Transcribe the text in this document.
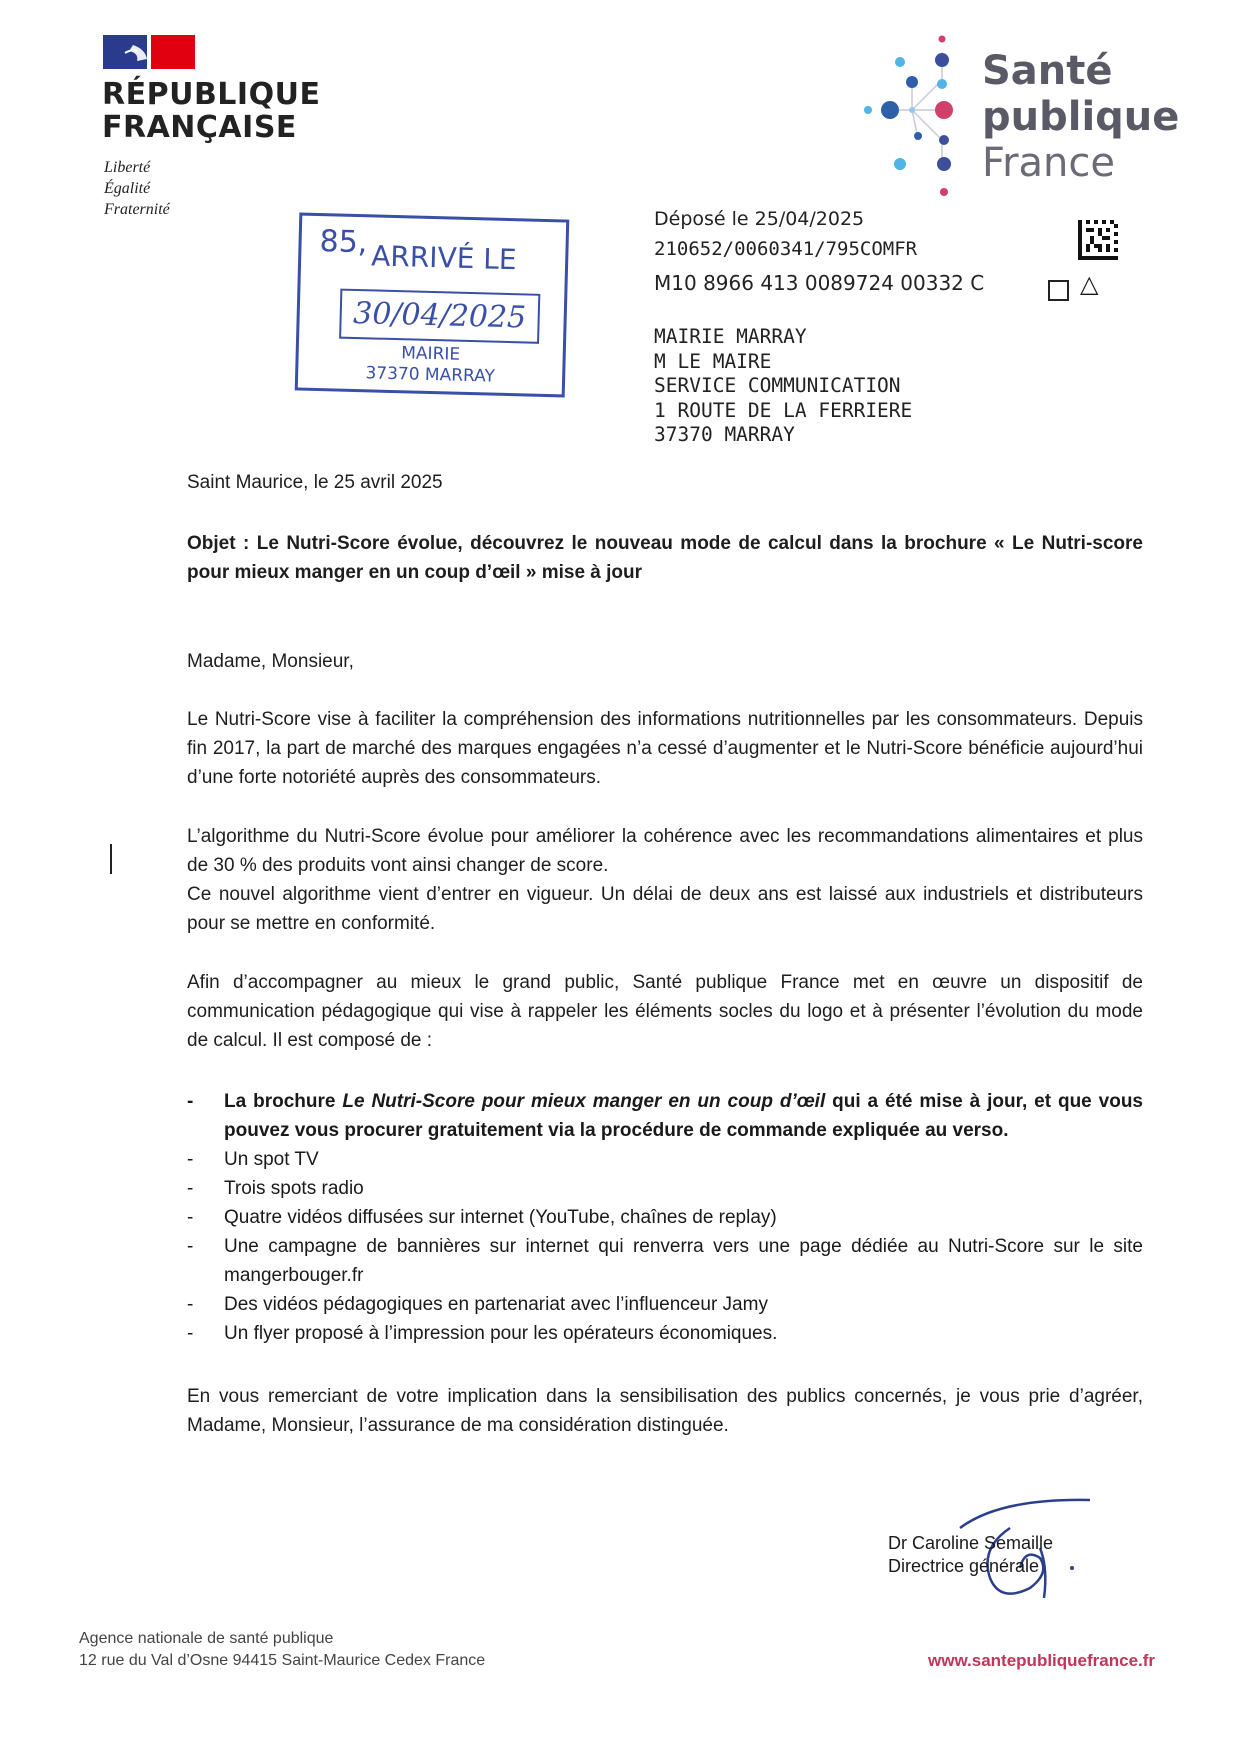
RÉPUBLIQUE
FRANÇAISE
Liberté
Égalité
Fraternité
Santé
publique
France
85, ARRIVÉ LE
30/04/2025
MAIRIE
37370 MARRAY
Déposé le 25/04/2025
210652/0060341/795COMFR
M10 8966 413 0089724 00332 C	△
MAIRIE MARRAY
M LE MAIRE
SERVICE COMMUNICATION
1 ROUTE DE LA FERRIERE
37370 MARRAY
Saint Maurice, le 25 avril 2025
Objet : Le Nutri-Score évolue, découvrez le nouveau mode de calcul dans la brochure « Le Nutri-score pour mieux manger en un coup d’œil » mise à jour
Madame, Monsieur,
Le Nutri-Score vise à faciliter la compréhension des informations nutritionnelles par les consommateurs. Depuis fin 2017, la part de marché des marques engagées n’a cessé d’augmenter et le Nutri-Score bénéficie aujourd’hui d’une forte notoriété auprès des consommateurs.
L’algorithme du Nutri-Score évolue pour améliorer la cohérence avec les recommandations alimentaires et plus de 30 % des produits vont ainsi changer de score.
Ce nouvel algorithme vient d’entrer en vigueur. Un délai de deux ans est laissé aux industriels et distributeurs pour se mettre en conformité.
Afin d’accompagner au mieux le grand public, Santé publique France met en œuvre un dispositif de communication pédagogique qui vise à rappeler les éléments socles du logo et à présenter l’évolution du mode de calcul. Il est composé de :
- La brochure Le Nutri-Score pour mieux manger en un coup d’œil qui a été mise à jour, et que vous pouvez vous procurer gratuitement via la procédure de commande expliquée au verso.
- Un spot TV
- Trois spots radio
- Quatre vidéos diffusées sur internet (YouTube, chaînes de replay)
- Une campagne de bannières sur internet qui renverra vers une page dédiée au Nutri-Score sur le site mangerbouger.fr
- Des vidéos pédagogiques en partenariat avec l’influenceur Jamy
- Un flyer proposé à l’impression pour les opérateurs économiques.
En vous remerciant de votre implication dans la sensibilisation des publics concernés, je vous prie d’agréer, Madame, Monsieur, l’assurance de ma considération distinguée.
Dr Caroline Semaille
Directrice générale
Agence nationale de santé publique
12 rue du Val d’Osne 94415 Saint-Maurice Cedex France	www.santepubliquefrance.fr
